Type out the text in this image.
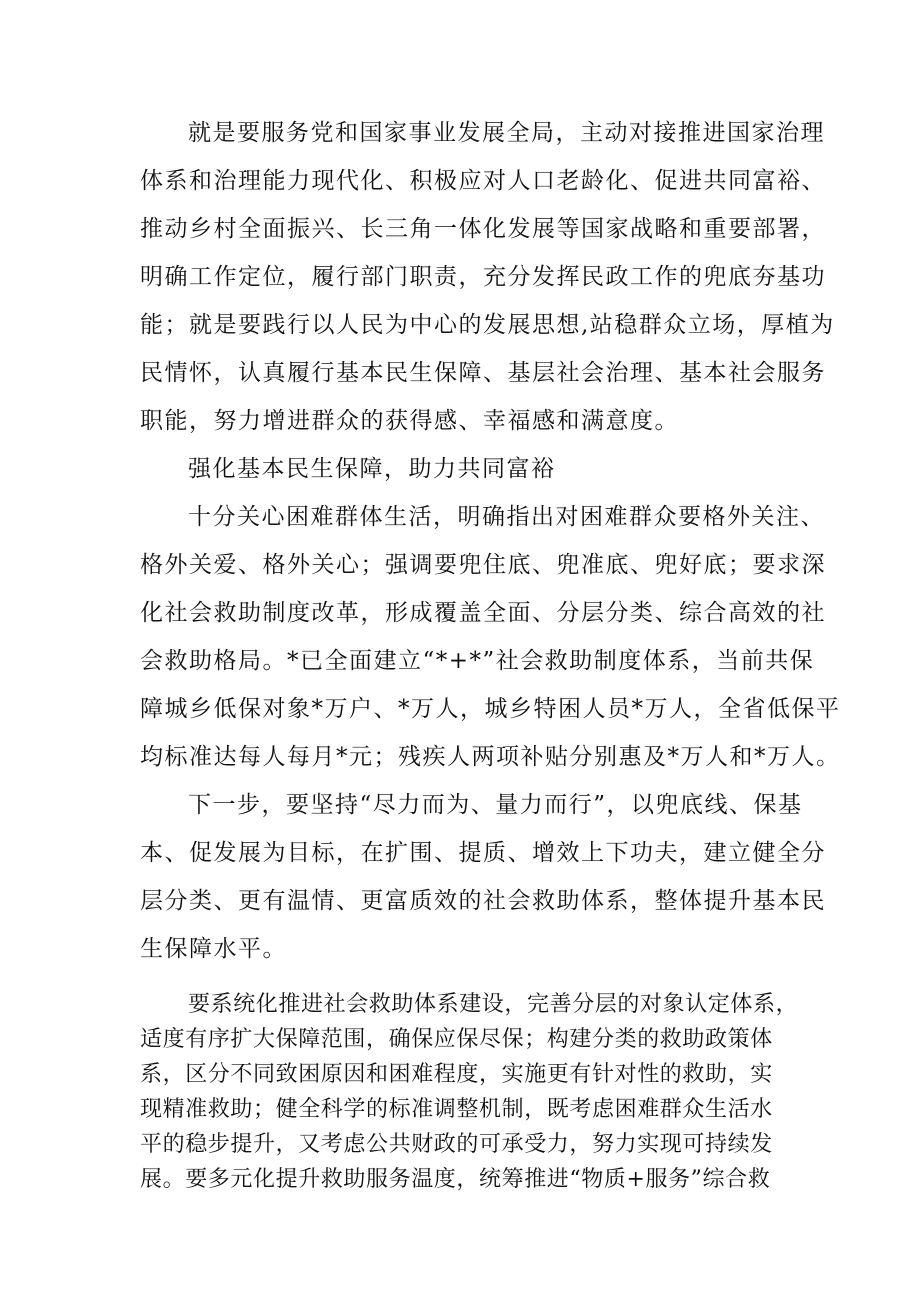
就是要服务党和国家事业发展全局，主动对接推进国家治理
体系和治理能力现代化、积极应对人口老龄化、促进共同富裕、
推动乡村全面振兴、长三角一体化发展等国家战略和重要部署，
明确工作定位，履行部门职责，充分发挥民政工作的兜底夯基功
能；就是要践行以人民为中心的发展思想,站稳群众立场，厚植为
民情怀，认真履行基本民生保障、基层社会治理、基本社会服务
职能，努力增进群众的获得感、幸福感和满意度。
强化基本民生保障，助力共同富裕
十分关心困难群体生活，明确指出对困难群众要格外关注、
格外关爱、格外关心；强调要兜住底、兜准底、兜好底；要求深
化社会救助制度改革，形成覆盖全面、分层分类、综合高效的社
会救助格局。*已全面建立“*+*”社会救助制度体系，当前共保
障城乡低保对象*万户、*万人，城乡特困人员*万人，全省低保平
均标准达每人每月*元；残疾人两项补贴分别惠及*万人和*万人。
下一步，要坚持“尽力而为、量力而行”，以兜底线、保基
本、促发展为目标，在扩围、提质、增效上下功夫，建立健全分
层分类、更有温情、更富质效的社会救助体系，整体提升基本民
生保障水平。
要系统化推进社会救助体系建设，完善分层的对象认定体系，
适度有序扩大保障范围，确保应保尽保；构建分类的救助政策体
系，区分不同致困原因和困难程度，实施更有针对性的救助，实
现精准救助；健全科学的标准调整机制，既考虑困难群众生活水
平的稳步提升，又考虑公共财政的可承受力，努力实现可持续发
展。要多元化提升救助服务温度，统筹推进“物质+服务”综合救
